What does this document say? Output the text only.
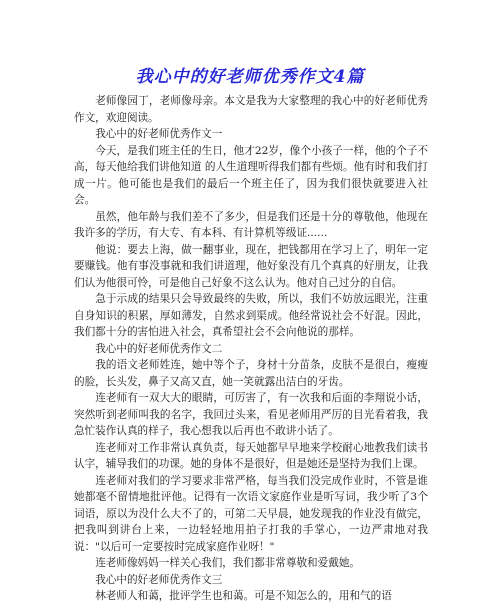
我心中的好老师优秀作文4篇

老师像园丁，老师像母亲。本文是我为大家整理的我心中的好老师优秀作文，欢迎阅读。

我心中的好老师优秀作文一

今天，是我们班主任的生日，他才22岁，像个小孩子一样，他的个子不高，每天他给我们讲他知道 的人生道理听得我们都有些烦。他有时和我们打成一片。他可能也是我们的最后一个班主任了，因为我们很快就要进入社会。

虽然，他年龄与我们差不了多少，但是我们还是十分的尊敬他，他现在我许多的学历，有大专、有本科、有计算机等级证......

他说：要去上海，做一翻事业，现在，把钱都用在学习上了，明年一定要赚钱。他有事没事就和我们讲道理，他好象没有几个真真的好朋友，让我们认为他很可怜，可是他自己好象不这么认为。他对自己过分的自信。

急于示成的结果只会导致最终的失败，所以，我们不妨放远眼光，注重自身知识的积累，厚如薄发，自然求到渠成。他经常说社会不好混。因此，我们都十分的害怕进入社会，真希望社会不会向他说的那样。

我心中的好老师优秀作文二

我的语文老师姓连，她中等个子，身材十分苗条，皮肤不是很白，瘦瘦的脸，长头发，鼻子又高又直，她一笑就露出洁白的牙齿。

连老师有一双大大的眼睛，可厉害了，有一次我和后面的李翔说小话，突然听到老师叫我的名字，我回过头来，看见老师用严厉的目光看着我，我急忙装作认真的样子，我心想我以后再也不敢讲小话了。

连老师对工作非常认真负责，每天她都早早地来学校耐心地教我们读书认字，辅导我们的功课。她的身体不是很好，但是她还是坚持为我们上课。

连老师对我们的学习要求非常严格，每当我们没完成作业时，不管是谁她都毫不留情地批评他。记得有一次语文家庭作业是听写词，我少听了3个词语，原以为没什么大不了的，可第二天早晨，她发现我的作业没有做完，把我叫到讲台上来，一边轻轻地用拍子打我的手掌心，一边严肃地对我说："以后可一定要按时完成家庭作业呀！"

连老师像妈妈一样关心我们，我们都非常尊敬和爱戴她。

我心中的好老师优秀作文三

林老师人和蔼，批评学生也和蔼。可是不知怎么的，用和气的语
